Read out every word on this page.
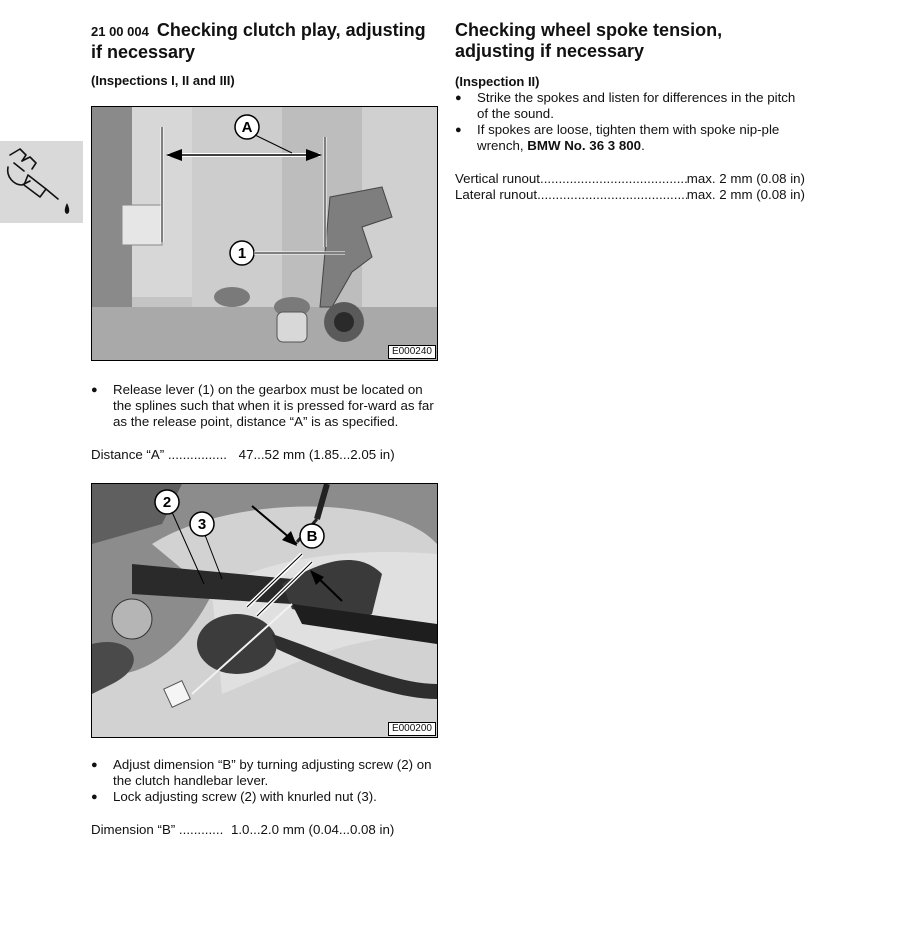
21 00 004 Checking clutch play, adjusting if necessary
(Inspections I, II and III)
A
1
E000240
● Release lever (1) on the gearbox must be located on the splines such that when it is pressed for-ward as far as the release point, distance “A” is as specified.
Distance “A” ................ 47...52 mm (1.85...2.05 in)
2
3
B
E000200
● Adjust dimension “B” by turning adjusting screw (2) on the clutch handlebar lever.
● Lock adjusting screw (2) with knurled nut (3).
Dimension “B” ............ 1.0...2.0 mm (0.04...0.08 in)
Checking wheel spoke tension, adjusting if necessary
(Inspection II)
● Strike the spokes and listen for differences in the pitch of the sound.
● If spokes are loose, tighten them with spoke nip-ple wrench, BMW No. 36 3 800.
Vertical runout .....	max. 2 mm (0.08 in)
Lateral runout .....	max. 2 mm (0.08 in)
